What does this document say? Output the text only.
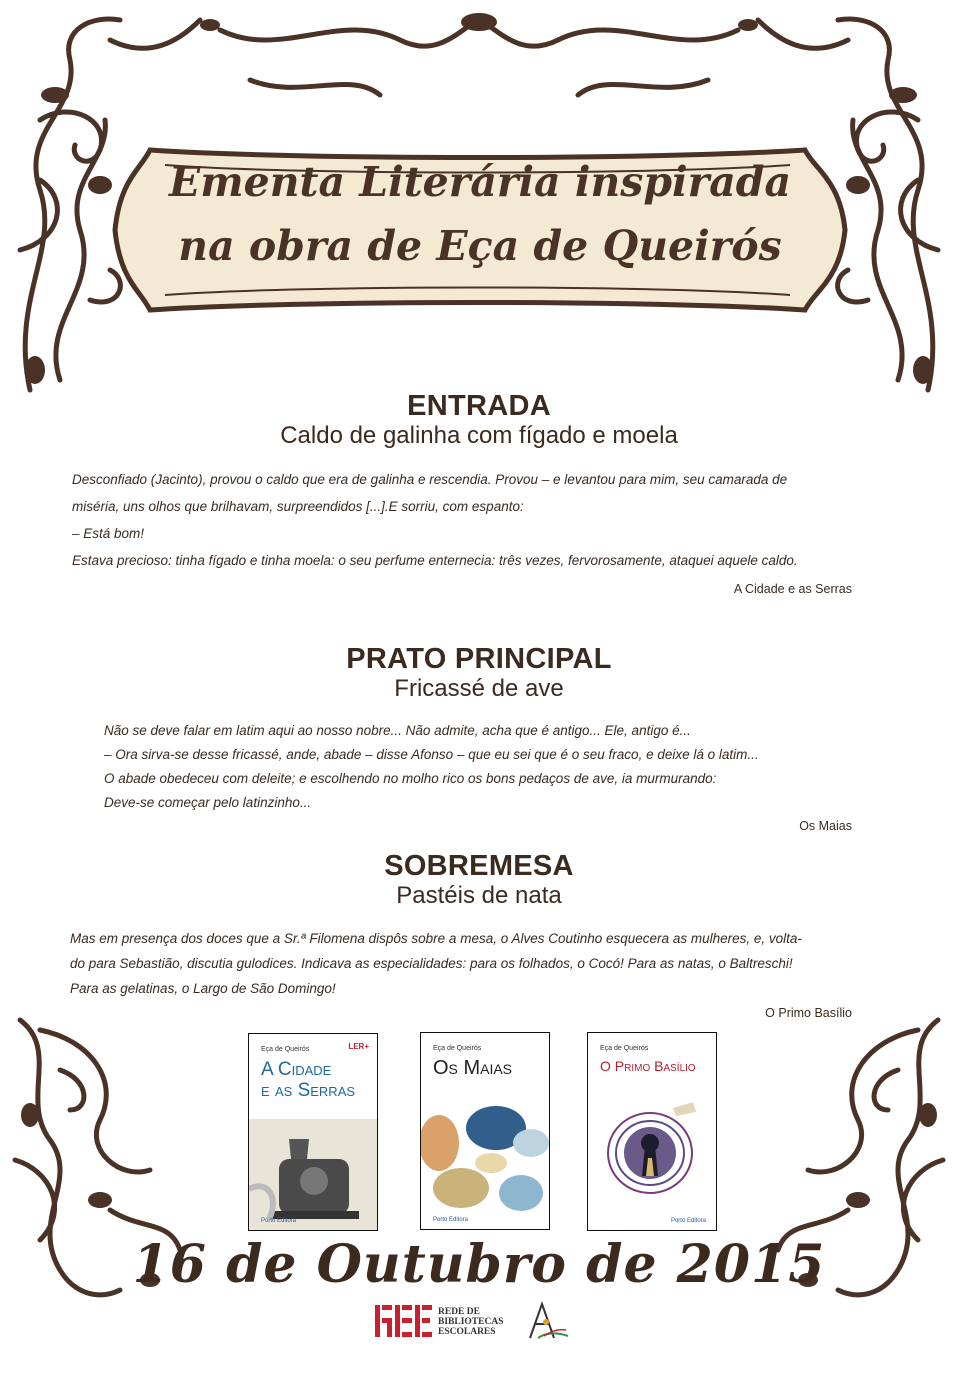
Ementa Literária inspirada
na obra de Eça de Queirós
ENTRADA
Caldo de galinha com fígado e moela
Desconfiado (Jacinto), provou o caldo que era de galinha e rescendia. Provou – e levantou para mim, seu camarada de
miséria, uns olhos que brilhavam, surpreendidos [...].E sorriu, com espanto:
– Está bom!
Estava precioso: tinha fígado e tinha moela: o seu perfume enternecia: três vezes, fervorosamente, ataquei aquele caldo.
A Cidade e as Serras
PRATO PRINCIPAL
Fricassé de ave
Não se deve falar em latim aqui ao nosso nobre... Não admite, acha que é antigo... Ele, antigo é...
– Ora sirva-se desse fricassé, ande, abade – disse Afonso – que eu sei que é o seu fraco, e deixe lá o latim...
O abade obedeceu com deleite; e escolhendo no molho rico os bons pedaços de ave, ia murmurando:
Deve-se começar pelo latinzinho...
Os Maias
SOBREMESA
Pastéis de nata
Mas em presença dos doces que a Sr.ª Filomena dispôs sobre a mesa, o Alves Coutinho esquecera as mulheres, e, volta-
do para Sebastião, discutia gulodices. Indicava as especialidades: para os folhados, o Cocó! Para as natas, o Baltreschi!
Para as gelatinas, o Largo de São Domingo!
O Primo Basílio
Eça de Queirós	LER+
A Cidade
e as Serras
Porto Editora
Eça de Queirós
Os Maias
Porto Editora
Eça de Queirós
O Primo Basílio
Porto Editora
16 de Outubro de 2015
REDE DE
BIBLIOTECAS
ESCOLARES
